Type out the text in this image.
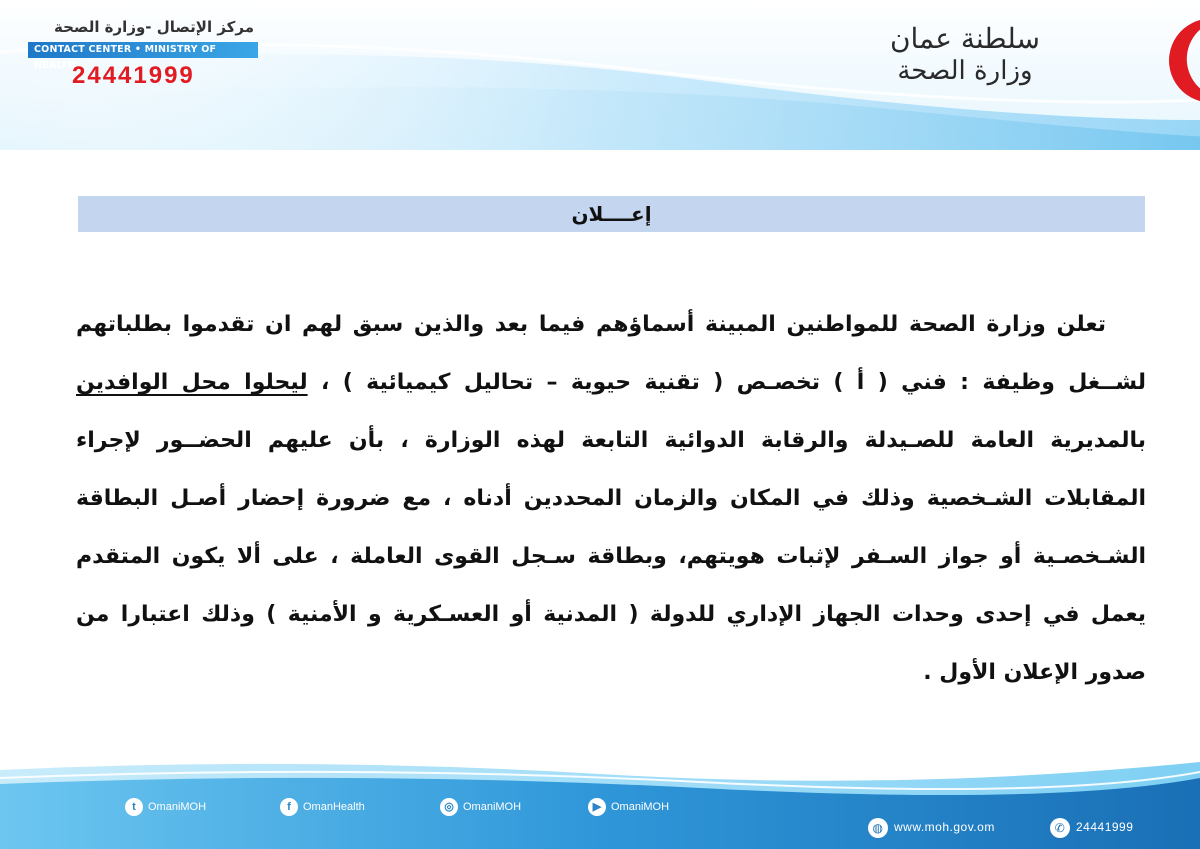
مركز الإتصال -وزارة الصحة
CONTACT CENTER • MINISTRY OF HEALTH
24441999
سلطنة عمان
وزارة الصحة
إعــــلان
تعلن وزارة الصحة للمواطنين المبينة أسماؤهم فيما بعد والذين سبق لهم ان تقدموا بطلباتهم لشــغل وظيفة : فني ( أ ) تخصـص ( تقنية حيوية – تحاليل كيميائية ) ، ليحلوا محل الوافدين بالمديرية العامة للصـيدلة والرقابة الدوائية التابعة لهذه الوزارة ، بأن عليهم الحضــور لإجراء المقابلات الشـخصية وذلك في المكان والزمان المحددين أدناه ، مع ضرورة إحضار أصـل البطاقة الشـخصـية أو جواز السـفر لإثبات هويتهم، وبطاقة سـجل القوى العاملة ، على ألا يكون المتقدم يعمل في إحدى وحدات الجهاز الإداري للدولة ( المدنية أو العسـكرية و الأمنية ) وذلك اعتبارا من صدور الإعلان الأول .
t OmaniMOH	f OmanHealth	◎ OmaniMOH	▶ OmaniMOH
◍ www.moh.gov.om	✆ 24441999
